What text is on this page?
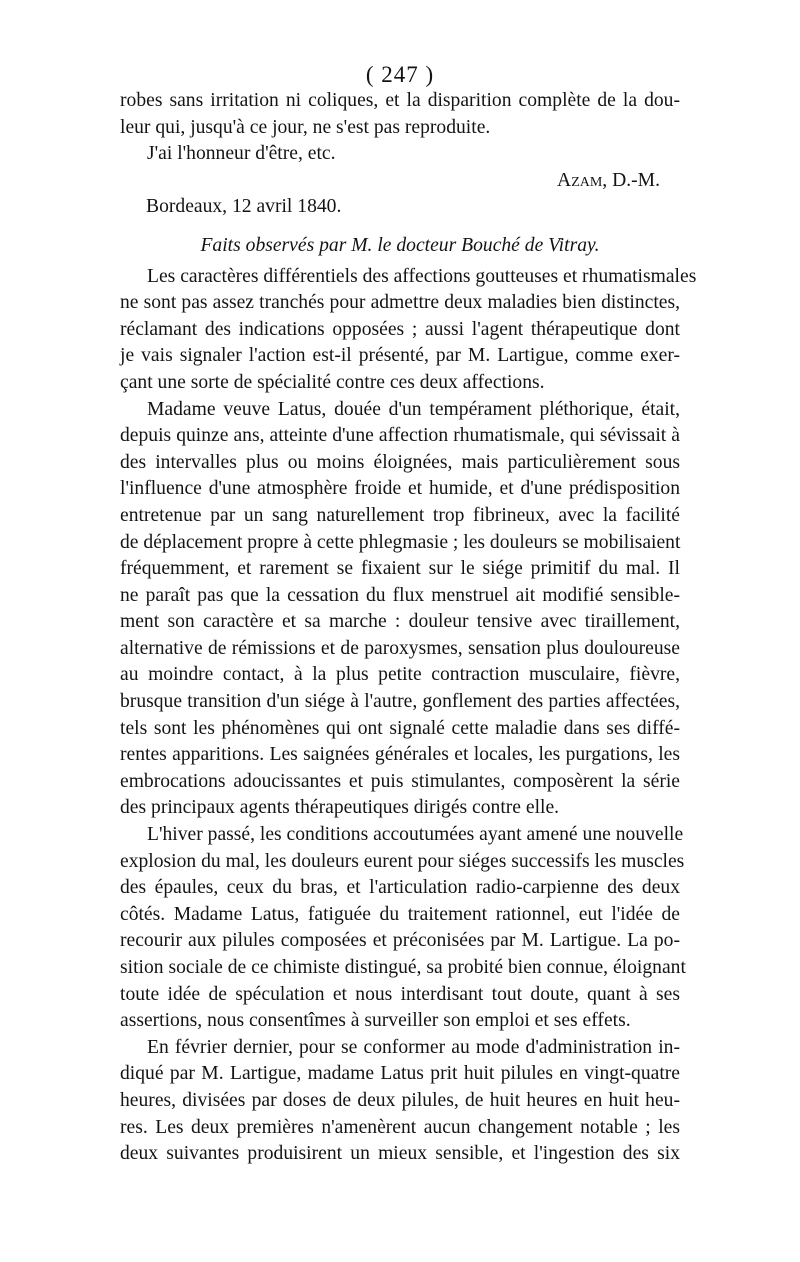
( 247 )
robes sans irritation ni coliques, et la disparition complète de la dou-
leur qui, jusqu'à ce jour, ne s'est pas reproduite.
J'ai l'honneur d'être, etc.
Azam, D.-M.
Bordeaux, 12 avril 1840.
Faits observés par M. le docteur Bouché de Vitray.
Les caractères différentiels des affections goutteuses et rhumatismales
ne sont pas assez tranchés pour admettre deux maladies bien distinctes,
réclamant des indications opposées ; aussi l'agent thérapeutique dont
je vais signaler l'action est-il présenté, par M. Lartigue, comme exer-
çant une sorte de spécialité contre ces deux affections.
Madame veuve Latus, douée d'un tempérament pléthorique, était,
depuis quinze ans, atteinte d'une affection rhumatismale, qui sévissait à
des intervalles plus ou moins éloignées, mais particulièrement sous
l'influence d'une atmosphère froide et humide, et d'une prédisposition
entretenue par un sang naturellement trop fibrineux, avec la facilité
de déplacement propre à cette phlegmasie ; les douleurs se mobilisaient
fréquemment, et rarement se fixaient sur le siége primitif du mal. Il
ne paraît pas que la cessation du flux menstruel ait modifié sensible-
ment son caractère et sa marche : douleur tensive avec tiraillement,
alternative de rémissions et de paroxysmes, sensation plus douloureuse
au moindre contact, à la plus petite contraction musculaire, fièvre,
brusque transition d'un siége à l'autre, gonflement des parties affectées,
tels sont les phénomènes qui ont signalé cette maladie dans ses diffé-
rentes apparitions. Les saignées générales et locales, les purgations, les
embrocations adoucissantes et puis stimulantes, composèrent la série
des principaux agents thérapeutiques dirigés contre elle.
L'hiver passé, les conditions accoutumées ayant amené une nouvelle
explosion du mal, les douleurs eurent pour siéges successifs les muscles
des épaules, ceux du bras, et l'articulation radio-carpienne des deux
côtés. Madame Latus, fatiguée du traitement rationnel, eut l'idée de
recourir aux pilules composées et préconisées par M. Lartigue. La po-
sition sociale de ce chimiste distingué, sa probité bien connue, éloignant
toute idée de spéculation et nous interdisant tout doute, quant à ses
assertions, nous consentîmes à surveiller son emploi et ses effets.
En février dernier, pour se conformer au mode d'administration in-
diqué par M. Lartigue, madame Latus prit huit pilules en vingt-quatre
heures, divisées par doses de deux pilules, de huit heures en huit heu-
res. Les deux premières n'amenèrent aucun changement notable ; les
deux suivantes produisirent un mieux sensible, et l'ingestion des six
